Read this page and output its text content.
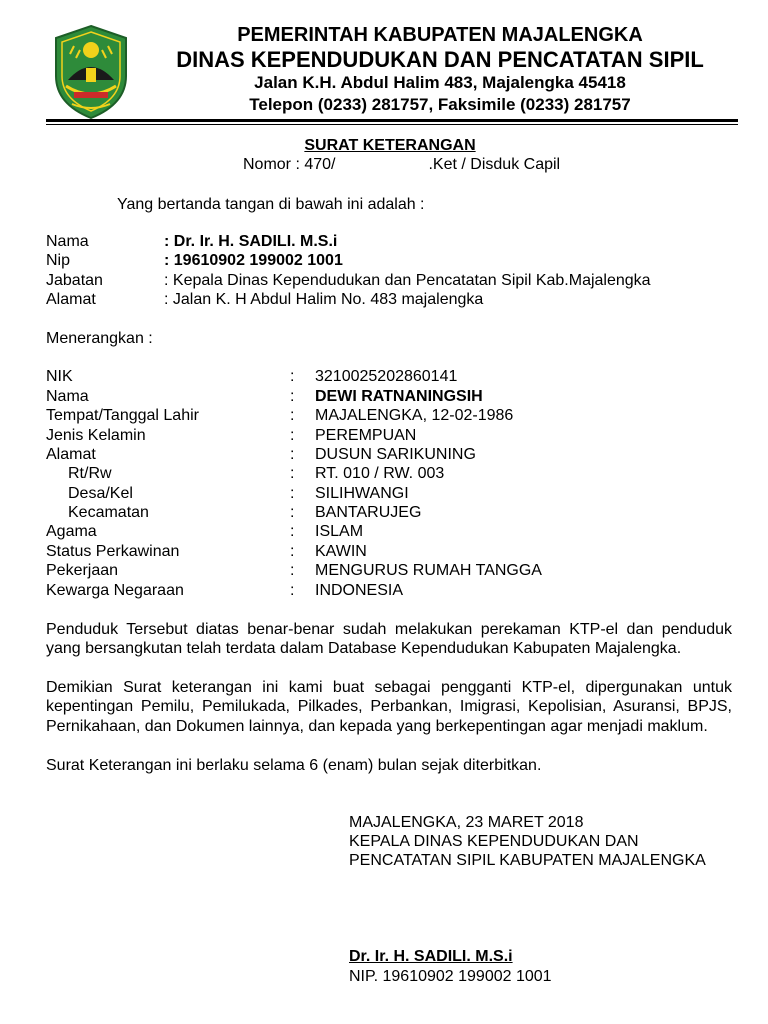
PEMERINTAH KABUPATEN MAJALENGKA
DINAS KEPENDUDUKAN DAN PENCATATAN SIPIL
Jalan K.H. Abdul Halim 483, Majalengka 45418
Telepon (0233) 281757, Faksimile (0233) 281757
SURAT KETERANGAN
Nomor : 470/	.Ket / Disduk Capil
Yang bertanda tangan di bawah ini adalah :
Nama	: Dr. Ir. H. SADILI. M.S.i
Nip	: 19610902 199002 1001
Jabatan	: Kepala Dinas Kependudukan dan Pencatatan Sipil Kab.Majalengka
Alamat	: Jalan K. H Abdul Halim No. 483 majalengka
Menerangkan :
NIK	: 3210025202860141
Nama	: DEWI RATNANINGSIH
Tempat/Tanggal Lahir	: MAJALENGKA, 12-02-1986
Jenis Kelamin	: PEREMPUAN
Alamat	: DUSUN SARIKUNING
Rt/Rw	: RT. 010 / RW. 003
Desa/Kel	: SILIHWANGI
Kecamatan	: BANTARUJEG
Agama	: ISLAM
Status Perkawinan	: KAWIN
Pekerjaan	: MENGURUS RUMAH TANGGA
Kewarga Negaraan	: INDONESIA
Penduduk Tersebut diatas benar-benar sudah melakukan perekaman KTP-el dan penduduk
yang bersangkutan telah terdata dalam Database Kependudukan Kabupaten Majalengka.
Demikian Surat keterangan ini kami buat sebagai pengganti KTP-el, dipergunakan untuk
kepentingan Pemilu, Pemilukada, Pilkades, Perbankan, Imigrasi, Kepolisian, Asuransi, BPJS,
Pernikahaan, dan Dokumen lainnya, dan kepada yang berkepentingan agar menjadi maklum.
Surat Keterangan ini berlaku selama 6 (enam) bulan sejak diterbitkan.
MAJALENGKA, 23 MARET 2018
KEPALA DINAS KEPENDUDUKAN DAN
PENCATATAN SIPIL KABUPATEN MAJALENGKA
Dr. Ir. H. SADILI. M.S.i
NIP. 19610902 199002 1001
